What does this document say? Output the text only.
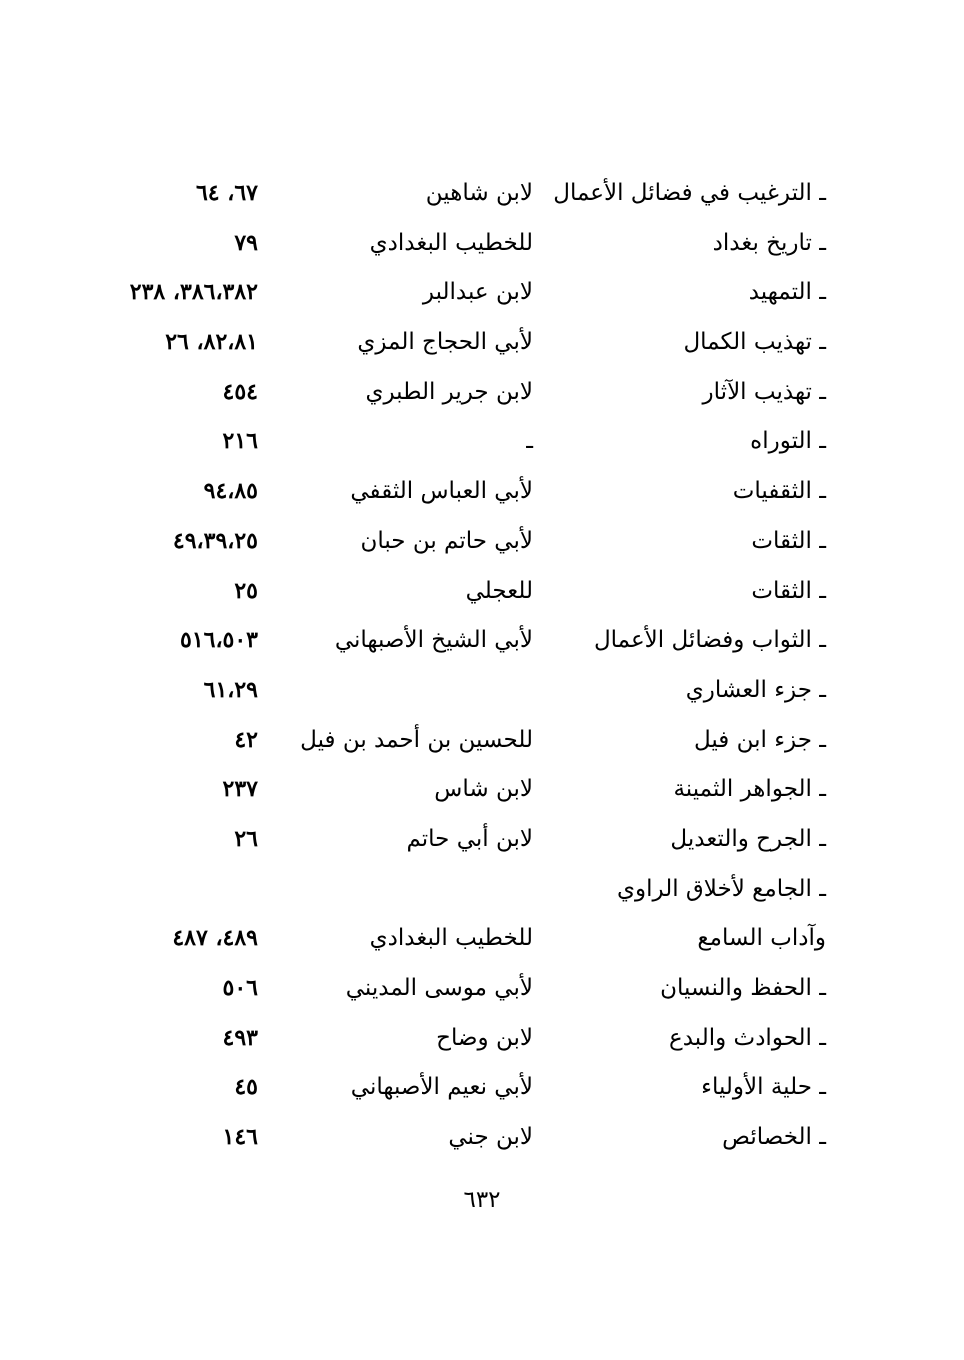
ـ الترغيب في فضائل الأعمال
لابن شاهين
٦٧، ٦٤
ـ تاريخ بغداد
للخطيب البغدادي
٧٩
ـ التمهيد
لابن عبدالبر
٣٨٦،٣٨٢، ٢٣٨
ـ تهذيب الكمال
لأبي الحجاج المزي
٨٢،٨١، ٢٦
ـ تهذيب الآثار
لابن جرير الطبري
٤٥٤
ـ التوراه
ـ
٢١٦
ـ الثقفيات
لأبي العباس الثقفي
٩٤،٨٥
ـ الثقات
لأبي حاتم بن حبان
٤٩،٣٩،٢٥
ـ الثقات
للعجلي
٢٥
ـ الثواب وفضائل الأعمال
لأبي الشيخ الأصبهاني
٥١٦،٥٠٣
ـ جزء العشاري
٦١،٢٩
ـ جزء ابن فيل
للحسين بن أحمد بن فيل
٤٢
ـ الجواهر الثمينة
لابن شاس
٢٣٧
ـ الجرح والتعديل
لابن أبي حاتم
٢٦
ـ الجامع لأخلاق الراوي
وآداب السامع
للخطيب البغدادي
٤٨٩، ٤٨٧
ـ الحفظ والنسيان
لأبي موسى المديني
٥٠٦
ـ الحوادث والبدع
لابن وضاح
٤٩٣
ـ حلية الأولياء
لأبي نعيم الأصبهاني
٤٥
ـ الخصائص
لابن جني
١٤٦
٦٣٢
